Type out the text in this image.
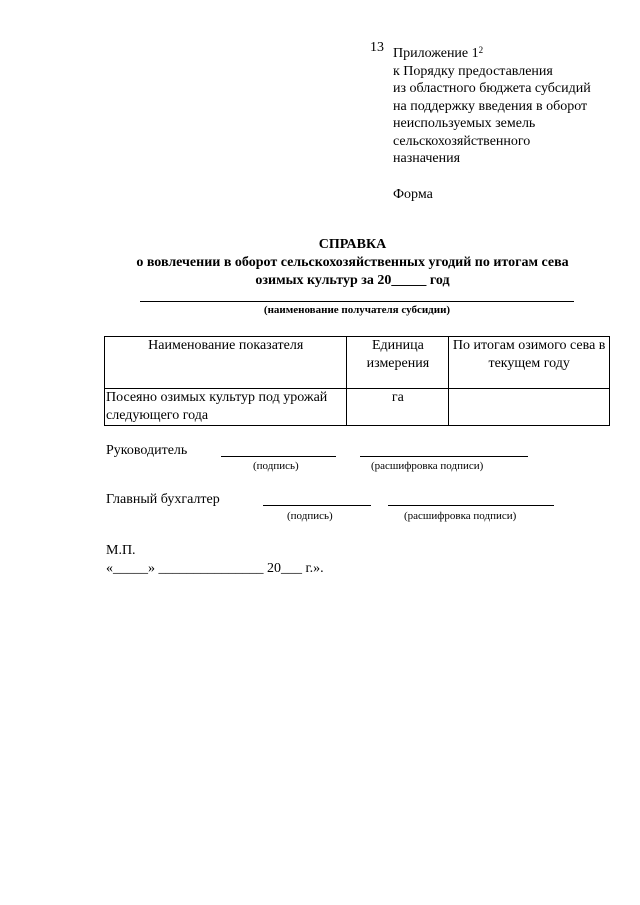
13 Приложение $1^2$
к Порядку предоставления
из областного бюджета субсидий
на поддержку введения в оборот
неиспользуемых земель
сельскохозяйственного
назначения
Форма
СПРАВКА
о вовлечении в оборот сельскохозяйственных угодий по итогам сева
озимых культур за 20_____ год
(наименование получателя субсидии)
Наименование показателя	Единица измерения	По итогам озимого сева в текущем году
Посеяно озимых культур под урожай следующего года	га	
Руководитель
(подпись)	(расшифровка подписи)
Главный бухгалтер
(подпись)	(расшифровка подписи)
М.П.
«_____» _______________ 20___ г.».
